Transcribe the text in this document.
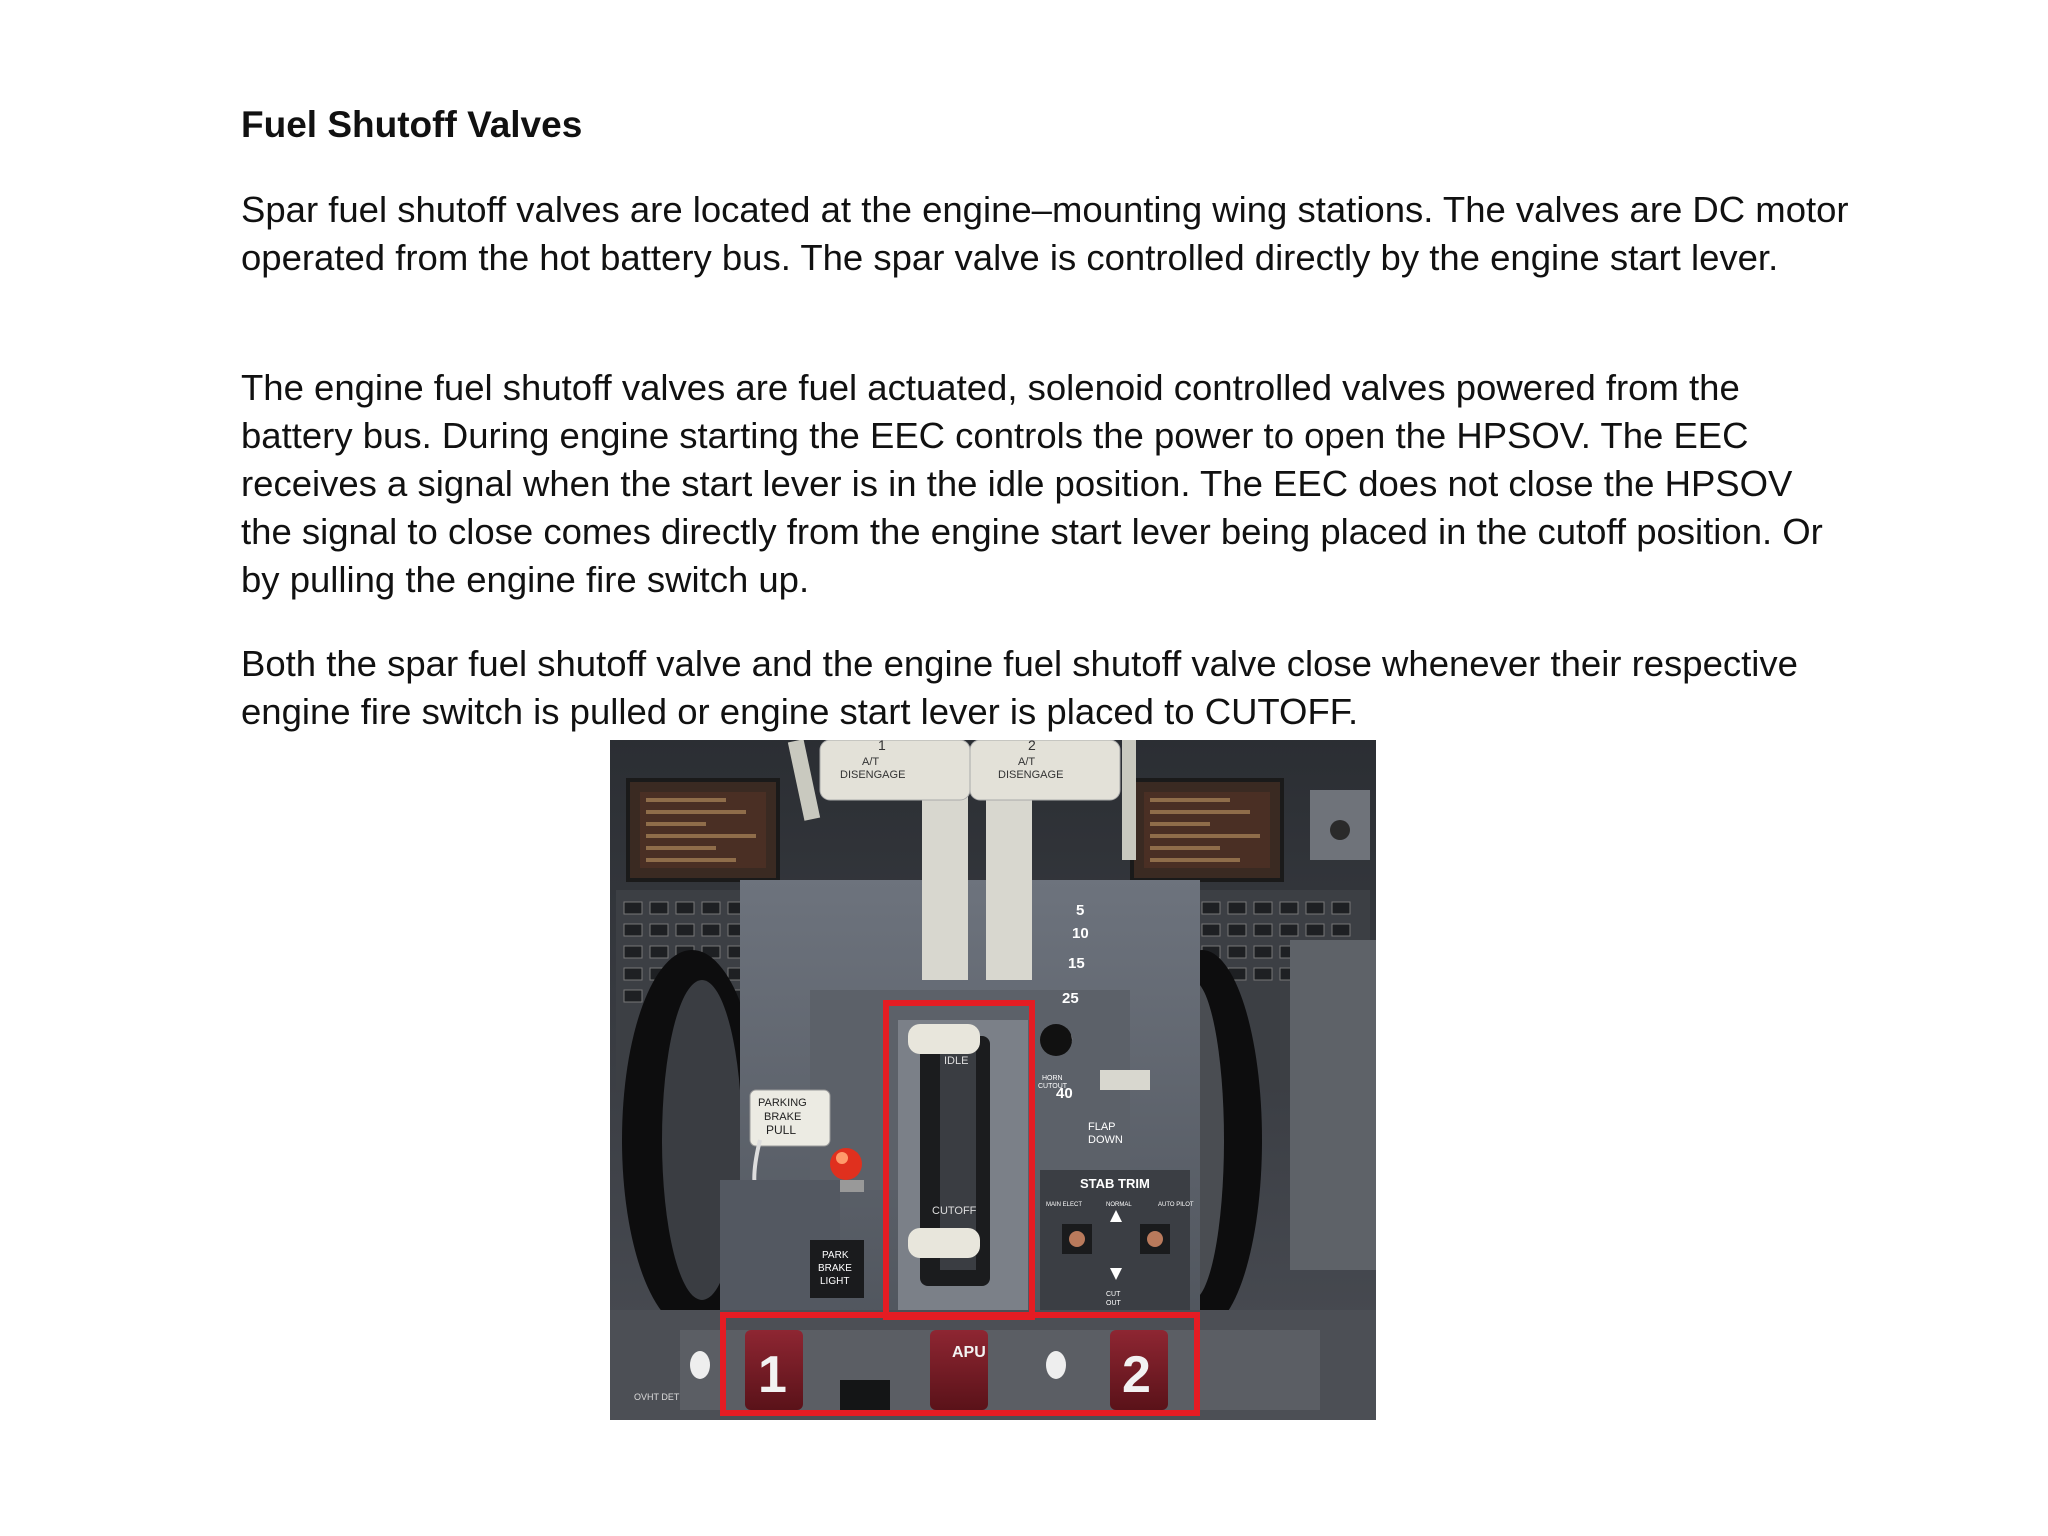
Fuel Shutoff Valves

Spar fuel shutoff valves are located at the engine–mounting wing stations. The valves are DC motor operated from the hot battery bus. The spar valve is controlled directly by the engine start lever.

The engine fuel shutoff valves are fuel actuated, solenoid controlled valves powered from the battery bus. During engine starting the EEC controls the power to open the HPSOV. The EEC receives a signal when the start lever is in the idle position. The EEC does not close the HPSOV the signal to close comes directly from the engine start lever being placed in the cutoff position. Or by pulling the engine fire switch up.

Both the spar fuel shutoff valve and the engine fuel shutoff valve close whenever their respective engine fire switch is pulled or engine start lever is placed to CUTOFF.

1
A/T
DISENGAGE
2
A/T
DISENGAGE
5
10
15
25
40
HORN
CUTOUT
FLAP
DOWN
PARKING
BRAKE
PULL
PARK
BRAKE
LIGHT
IDLE
CUTOFF
STAB TRIM
MAIN ELECT	NORMAL	AUTO PILOT
CUT
OUT
1	APU	2
OVHT DET
